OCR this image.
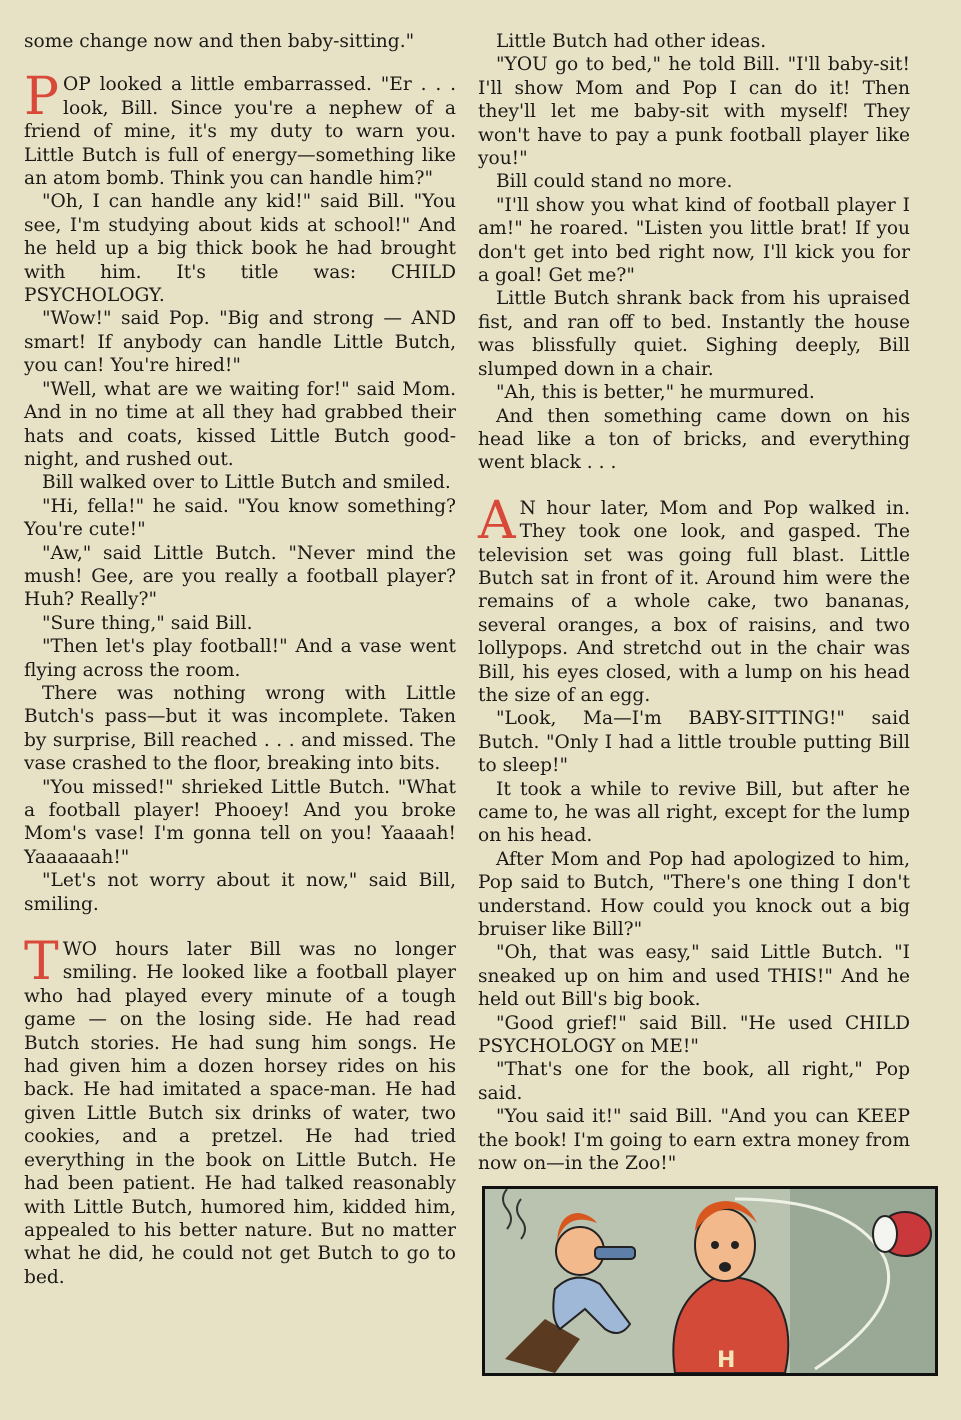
some change now and then baby-sitting."

POP looked a little embarrassed. "Er . . . look, Bill. Since you're a nephew of a friend of mine, it's my duty to warn you. Little Butch is full of energy—something like an atom bomb. Think you can handle him?"

"Oh, I can handle any kid!" said Bill. "You see, I'm studying about kids at school!" And he held up a big thick book he had brought with him. It's title was: CHILD PSYCHOLOGY.

"Wow!" said Pop. "Big and strong — AND smart! If anybody can handle Little Butch, you can! You're hired!"

"Well, what are we waiting for!" said Mom. And in no time at all they had grabbed their hats and coats, kissed Little Butch good-night, and rushed out.

Bill walked over to Little Butch and smiled.

"Hi, fella!" he said. "You know something? You're cute!"

"Aw," said Little Butch. "Never mind the mush! Gee, are you really a football player? Huh? Really?"

"Sure thing," said Bill.

"Then let's play football!" And a vase went flying across the room.

There was nothing wrong with Little Butch's pass—but it was incomplete. Taken by surprise, Bill reached . . . and missed. The vase crashed to the floor, breaking into bits.

"You missed!" shrieked Little Butch. "What a football player! Phooey! And you broke Mom's vase! I'm gonna tell on you! Yaaaah! Yaaaaaah!"

"Let's not worry about it now," said Bill, smiling.

TWO hours later Bill was no longer smiling. He looked like a football player who had played every minute of a tough game — on the losing side. He had read Butch stories. He had sung him songs. He had given him a dozen horsey rides on his back. He had imitated a space-man. He had given Little Butch six drinks of water, two cookies, and a pretzel. He had tried everything in the book on Little Butch. He had been patient. He had talked reasonably with Little Butch, humored him, kidded him, appealed to his better nature. But no matter what he did, he could not get Butch to go to bed.

Little Butch had other ideas.

"YOU go to bed," he told Bill. "I'll baby-sit! I'll show Mom and Pop I can do it! Then they'll let me baby-sit with myself! They won't have to pay a punk football player like you!"

Bill could stand no more.

"I'll show you what kind of football player I am!" he roared. "Listen you little brat! If you don't get into bed right now, I'll kick you for a goal! Get me?"

Little Butch shrank back from his upraised fist, and ran off to bed. Instantly the house was blissfully quiet. Sighing deeply, Bill slumped down in a chair.

"Ah, this is better," he murmured.

And then something came down on his head like a ton of bricks, and everything went black . . .

A N hour later, Mom and Pop walked in. They took one look, and gasped. The television set was going full blast. Little Butch sat in front of it. Around him were the remains of a whole cake, two bananas, several oranges, a box of raisins, and two lollypops. And stretchd out in the chair was Bill, his eyes closed, with a lump on his head the size of an egg.

"Look, Ma—I'm BABY-SITTING!" said Butch. "Only I had a little trouble putting Bill to sleep!"

It took a while to revive Bill, but after he came to, he was all right, except for the lump on his head.

After Mom and Pop had apologized to him, Pop said to Butch, "There's one thing I don't understand. How could you knock out a big bruiser like Bill?"

"Oh, that was easy," said Little Butch. "I sneaked up on him and used THIS!" And he held out Bill's big book.

"Good grief!" said Bill. "He used CHILD PSYCHOLOGY on ME!"

"That's one for the book, all right," Pop said.

"You said it!" said Bill. "And you can KEEP the book! I'm going to earn extra money from now on—in the Zoo!"

H
